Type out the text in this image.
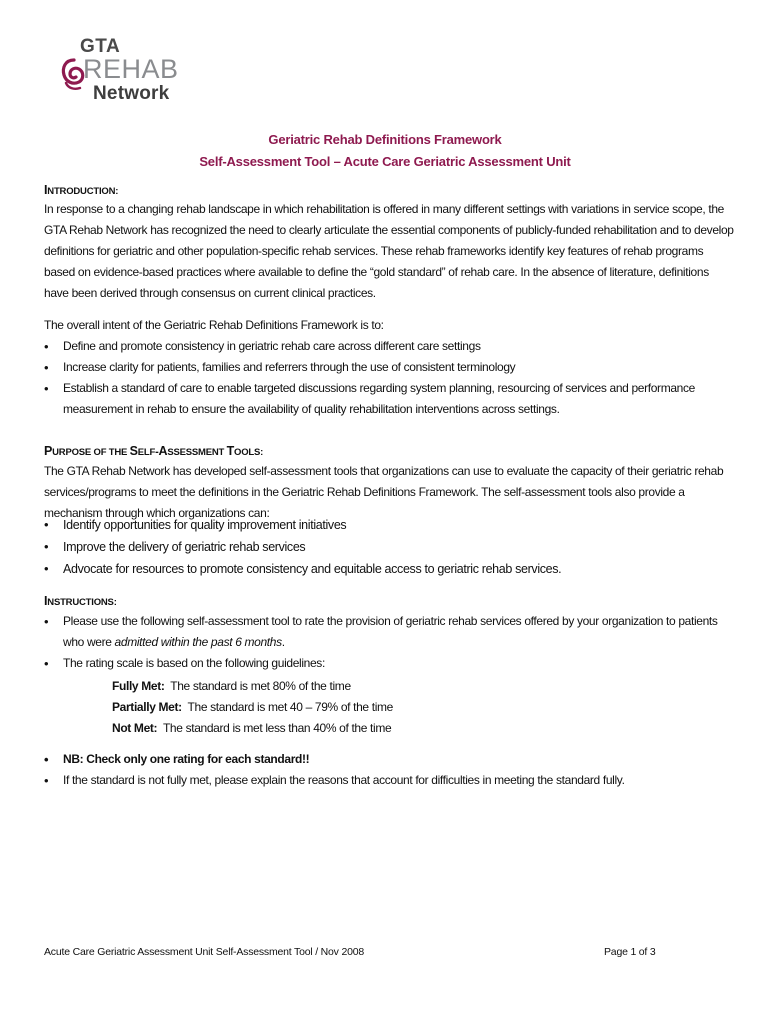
GTA
REHAB
Network
Geriatric Rehab Definitions Framework
Self-Assessment Tool – Acute Care Geriatric Assessment Unit
INTRODUCTION:
In response to a changing rehab landscape in which rehabilitation is offered in many different settings with variations in service scope, the GTA Rehab Network has recognized the need to clearly articulate the essential components of publicly-funded rehabilitation and to develop definitions for geriatric and other population-specific rehab services. These rehab frameworks identify key features of rehab programs based on evidence-based practices where available to define the “gold standard” of rehab care. In the absence of literature, definitions have been derived through consensus on current clinical practices.
The overall intent of the Geriatric Rehab Definitions Framework is to:
• Define and promote consistency in geriatric rehab care across different care settings
• Increase clarity for patients, families and referrers through the use of consistent terminology
• Establish a standard of care to enable targeted discussions regarding system planning, resourcing of services and performance measurement in rehab to ensure the availability of quality rehabilitation interventions across settings.
PURPOSE OF THE SELF-ASSESSMENT TOOLS:
The GTA Rehab Network has developed self-assessment tools that organizations can use to evaluate the capacity of their geriatric rehab services/programs to meet the definitions in the Geriatric Rehab Definitions Framework. The self-assessment tools also provide a mechanism through which organizations can:
• Identify opportunities for quality improvement initiatives
• Improve the delivery of geriatric rehab services
• Advocate for resources to promote consistency and equitable access to geriatric rehab services.
INSTRUCTIONS:
• Please use the following self-assessment tool to rate the provision of geriatric rehab services offered by your organization to patients who were admitted within the past 6 months.
• The rating scale is based on the following guidelines:
Fully Met:  The standard is met 80% of the time
Partially Met:  The standard is met 40 – 79% of the time
Not Met:  The standard is met less than 40% of the time
• NB: Check only one rating for each standard!!
• If the standard is not fully met, please explain the reasons that account for difficulties in meeting the standard fully.
Acute Care Geriatric Assessment Unit Self-Assessment Tool / Nov 2008	Page 1 of 3
